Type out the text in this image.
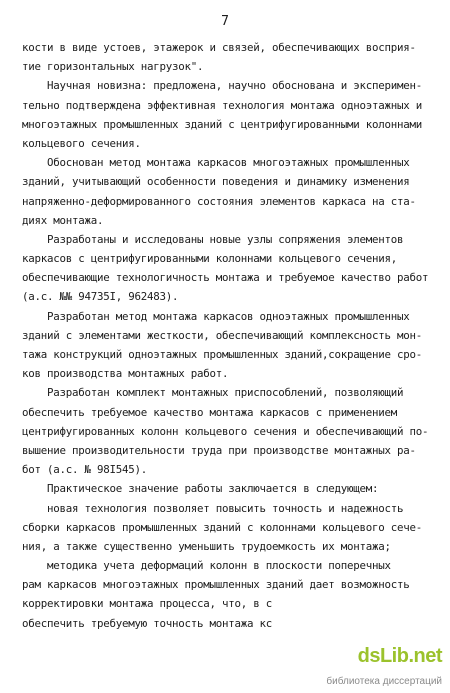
7
кости в виде устоев, этажерок и связей, обеспечивающих восприя-
тие горизонтальных нагрузок".
Научная новизна: предложена, научно обоснована и эксперимен-
тельно подтверждена эффективная технология монтажа одноэтажных и
многоэтажных промышленных зданий с центрифугированными колоннами
кольцевого сечения.
Обоснован метод монтажа каркасов многоэтажных промышленных
зданий, учитывающий особенности поведения и динамику изменения
напряженно-деформированного состояния элементов каркаса на ста-
диях монтажа.
Разработаны и исследованы новые узлы сопряжения элементов
каркасов с центрифугированными колоннами кольцевого сечения,
обеспечивающие технологичность монтажа и требуемое качество работ
(а.с. №№ 94735I, 962483).
Разработан метод монтажа каркасов одноэтажных промышленных
зданий с элементами жесткости, обеспечивающий комплексность мон-
тажа конструкций одноэтажных промышленных зданий,сокращение сро-
ков производства монтажных работ.
Разработан комплект монтажных приспособлений, позволяющий
обеспечить требуемое качество монтажа каркасов с применением
центрифугированных колонн кольцевого сечения и обеспечивающий по-
вышение производительности труда при производстве монтажных ра-
бот (а.с. № 98I545).
Практическое значение работы заключается в следующем:
новая технология позволяет повысить точность и надежность
сборки каркасов промышленных зданий с колоннами кольцевого сече-
ния, а также существенно уменьшить трудоемкость их монтажа;
методика учета деформаций колонн в плоскости поперечных
рам каркасов многоэтажных промышленных зданий дает возможность
корректировки монтажа процесса, что, в с
обеспечить требуемую точность монтажа кс
dsLib.net
библиотека диссертаций
